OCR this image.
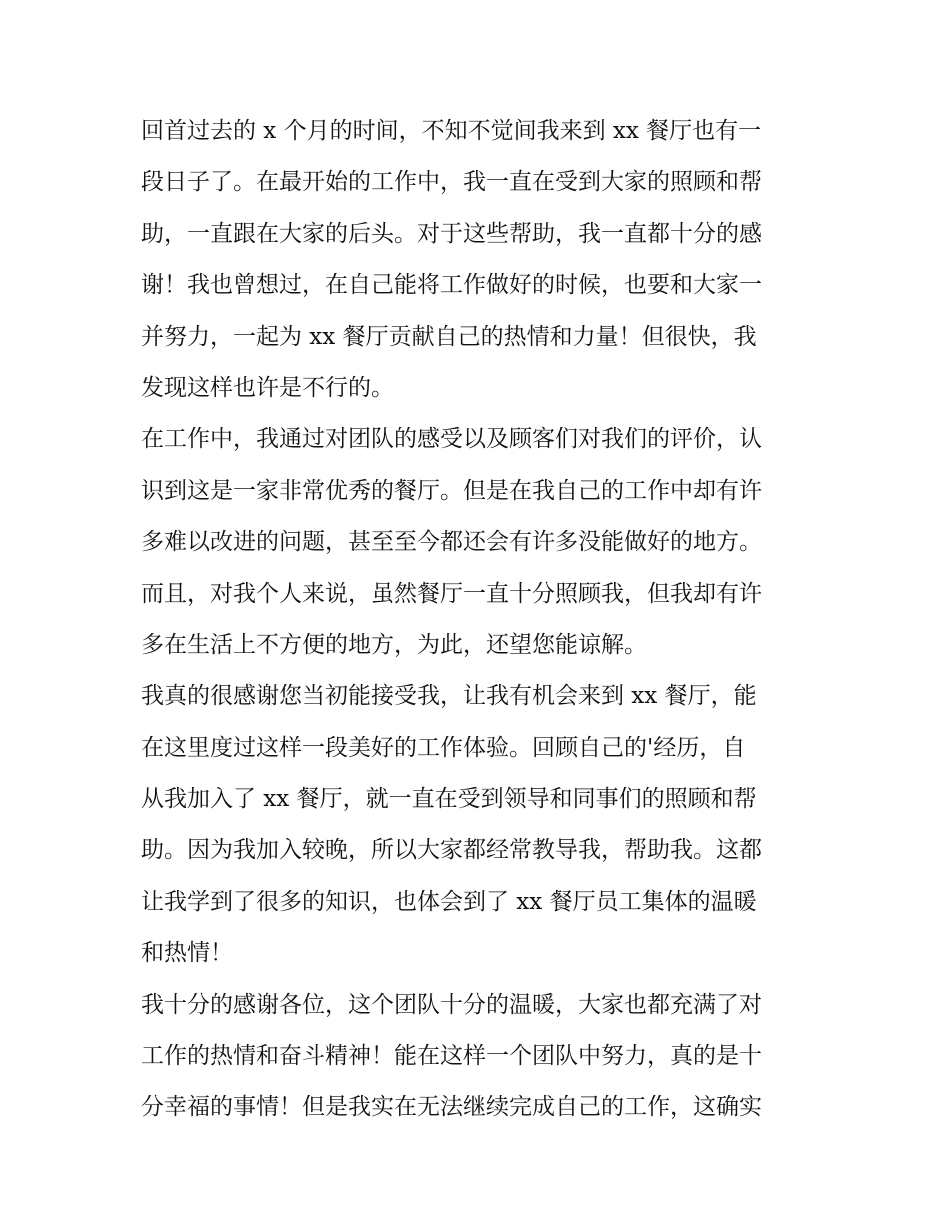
回首过去的 x 个月的时间，不知不觉间我来到 xx 餐厅也有一
段日子了。在最开始的工作中，我一直在受到大家的照顾和帮
助，一直跟在大家的后头。对于这些帮助，我一直都十分的感
谢！我也曾想过，在自己能将工作做好的时候，也要和大家一
并努力，一起为 xx 餐厅贡献自己的热情和力量！但很快，我
发现这样也许是不行的。
在工作中，我通过对团队的感受以及顾客们对我们的评价，认
识到这是一家非常优秀的餐厅。但是在我自己的工作中却有许
多难以改进的问题，甚至至今都还会有许多没能做好的地方。
而且，对我个人来说，虽然餐厅一直十分照顾我，但我却有许
多在生活上不方便的地方，为此，还望您能谅解。
我真的很感谢您当初能接受我，让我有机会来到 xx 餐厅，能
在这里度过这样一段美好的工作体验。回顾自己的'经历，自
从我加入了 xx 餐厅，就一直在受到领导和同事们的照顾和帮
助。因为我加入较晚，所以大家都经常教导我，帮助我。这都
让我学到了很多的知识，也体会到了 xx 餐厅员工集体的温暖
和热情！
我十分的感谢各位，这个团队十分的温暖，大家也都充满了对
工作的热情和奋斗精神！能在这样一个团队中努力，真的是十
分幸福的事情！但是我实在无法继续完成自己的工作，这确实
